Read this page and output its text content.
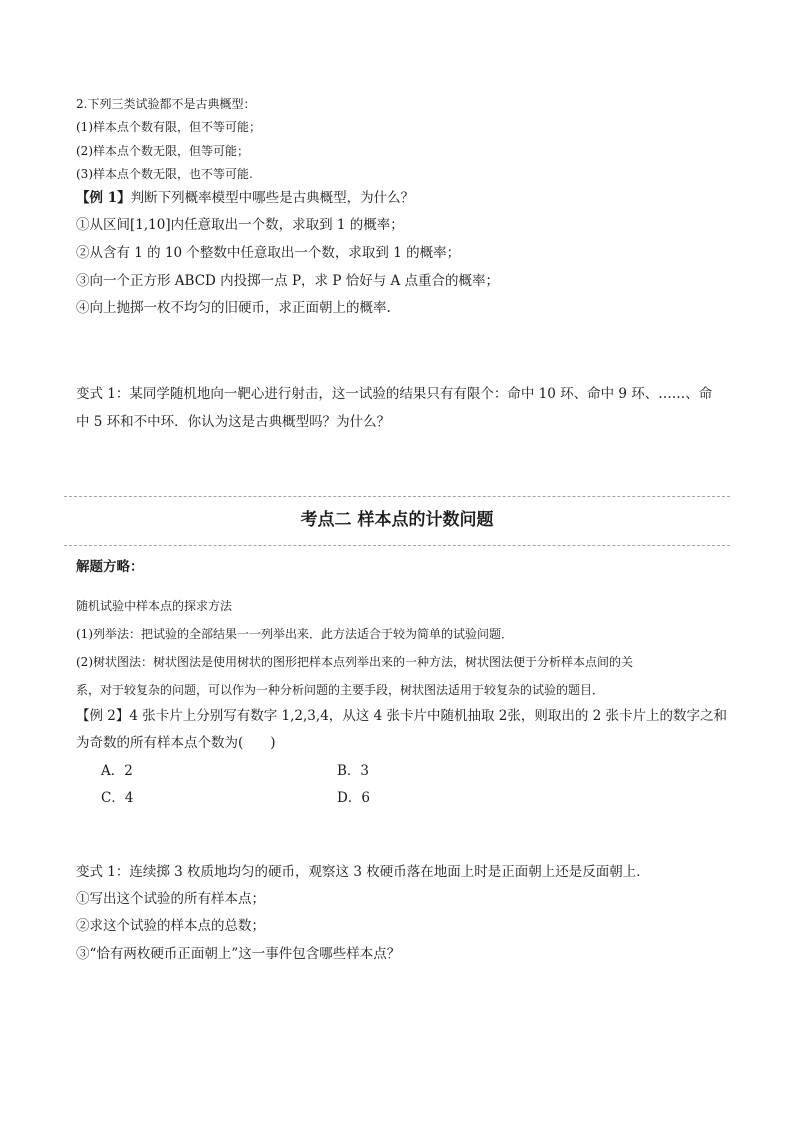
2.下列三类试验都不是古典概型：
(1)样本点个数有限，但不等可能；
(2)样本点个数无限，但等可能；
(3)样本点个数无限，也不等可能.
【例 1】判断下列概率模型中哪些是古典概型，为什么？
①从区间[1,10]内任意取出一个数，求取到 1 的概率；
②从含有 1 的 10 个整数中任意取出一个数，求取到 1 的概率；
③向一个正方形 ABCD 内投掷一点 P，求 P 恰好与 A 点重合的概率；
④向上抛掷一枚不均匀的旧硬币，求正面朝上的概率.
变式 1：某同学随机地向一靶心进行射击，这一试验的结果只有有限个：命中 10 环、命中 9 环、……、命
中 5 环和不中环．你认为这是古典概型吗？为什么？
考点二 样本点的计数问题
解题方略：
随机试验中样本点的探求方法
(1)列举法：把试验的全部结果一一列举出来．此方法适合于较为简单的试验问题．
(2)树状图法：树状图法是使用树状的图形把样本点列举出来的一种方法，树状图法便于分析样本点间的关
系，对于较复杂的问题，可以作为一种分析问题的主要手段，树状图法适用于较复杂的试验的题目．
【例 2】4 张卡片上分别写有数字 1,2,3,4，从这 4 张卡片中随机抽取 2张，则取出的 2 张卡片上的数字之和
为奇数的所有样本点个数为(　　)
A．2	B．3
C．4	D．6
变式 1：连续掷 3 枚质地均匀的硬币，观察这 3 枚硬币落在地面上时是正面朝上还是反面朝上．
①写出这个试验的所有样本点；
②求这个试验的样本点的总数；
③“恰有两枚硬币正面朝上”这一事件包含哪些样本点？
